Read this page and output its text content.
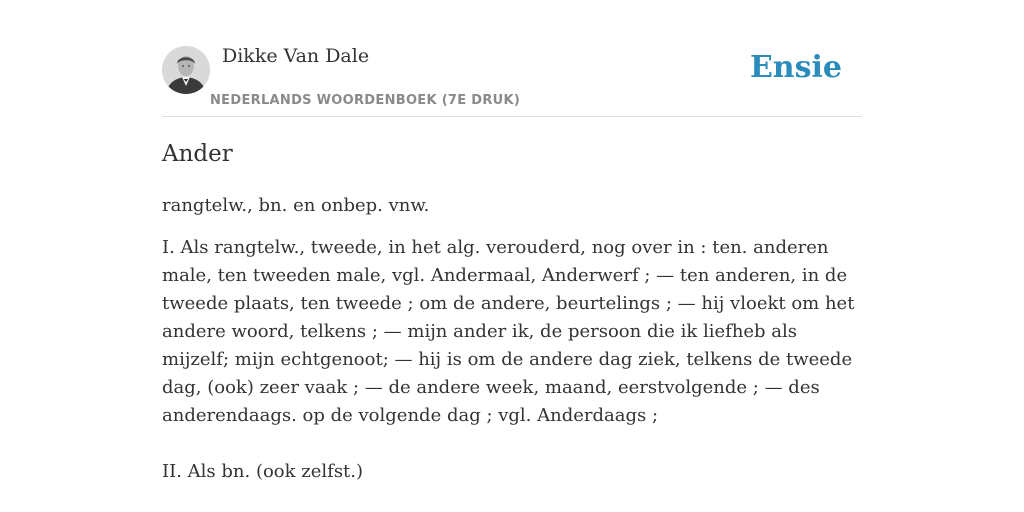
Dikke Van Dale
NEDERLANDS WOORDENBOEK (7E DRUK)
Ensie
Ander

rangtelw., bn. en onbep. vnw.

I. Als rangtelw., tweede, in het alg. verouderd, nog over in : ten. anderen male, ten tweeden male, vgl. Andermaal, Anderwerf ; — ten anderen, in de tweede plaats, ten tweede ; om de andere, beurtelings ; — hij vloekt om het andere woord, telkens ; — mijn ander ik, de persoon die ik liefheb als mijzelf; mijn echtgenoot; — hij is om de andere dag ziek, telkens de tweede dag, (ook) zeer vaak ; — de andere week, maand, eerstvolgende ; — des anderendaags. op de volgende dag ; vgl. Anderdaags ;

II. Als bn. (ook zelfst.)
